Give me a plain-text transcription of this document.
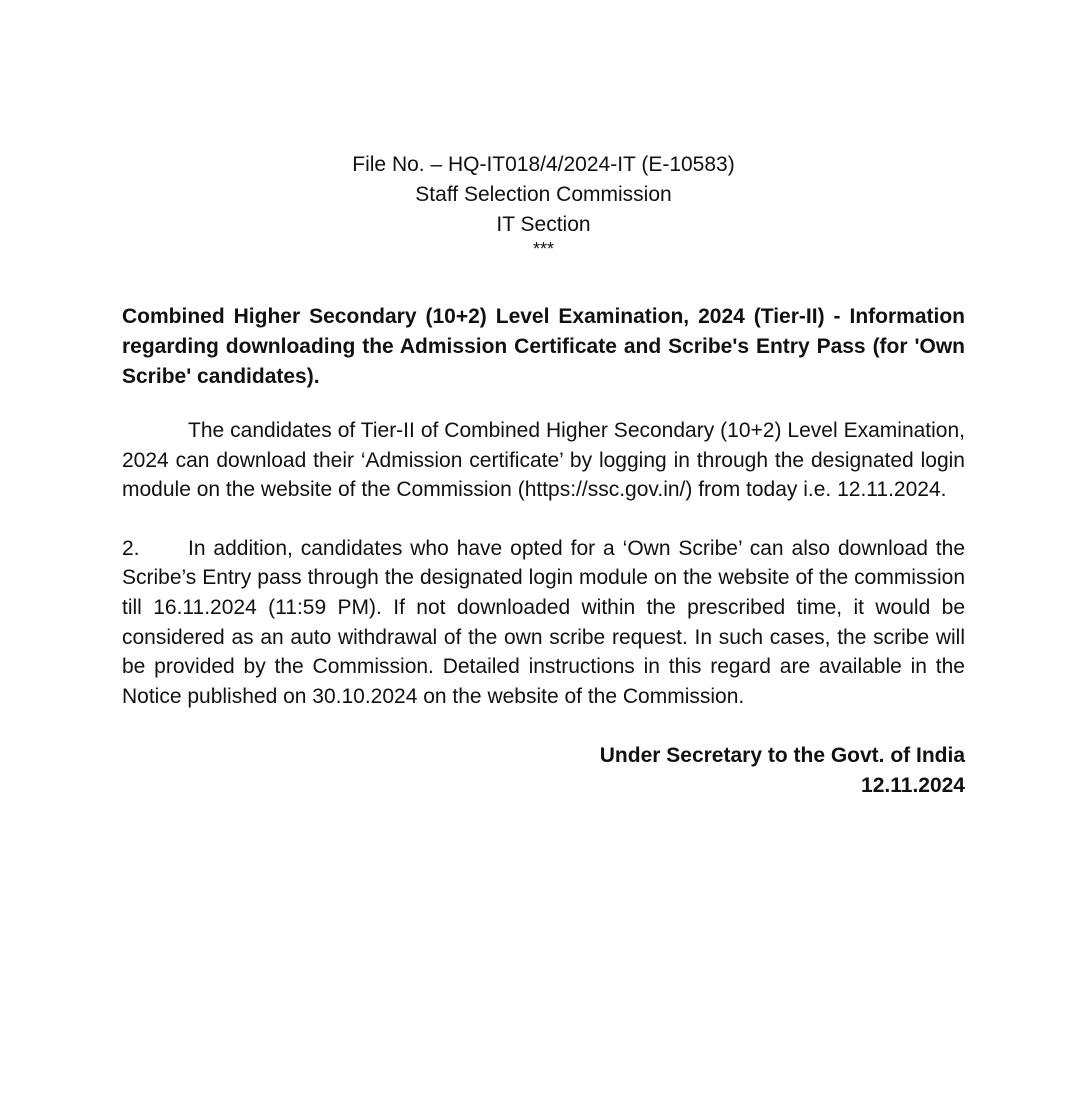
File No. – HQ-IT018/4/2024-IT (E-10583)
Staff Selection Commission
IT Section
***
Combined Higher Secondary (10+2) Level Examination, 2024 (Tier-II) - Information regarding downloading the Admission Certificate and Scribe's Entry Pass (for 'Own Scribe' candidates).
The candidates of Tier-II of Combined Higher Secondary (10+2) Level Examination, 2024 can download their ‘Admission certificate’ by logging in through the designated login module on the website of the Commission (https://ssc.gov.in/) from today i.e. 12.11.2024.
2. In addition, candidates who have opted for a ‘Own Scribe’ can also download the Scribe’s Entry pass through the designated login module on the website of the commission till 16.11.2024 (11:59 PM). If not downloaded within the prescribed time, it would be considered as an auto withdrawal of the own scribe request. In such cases, the scribe will be provided by the Commission. Detailed instructions in this regard are available in the Notice published on 30.10.2024 on the website of the Commission.
Under Secretary to the Govt. of India
12.11.2024
